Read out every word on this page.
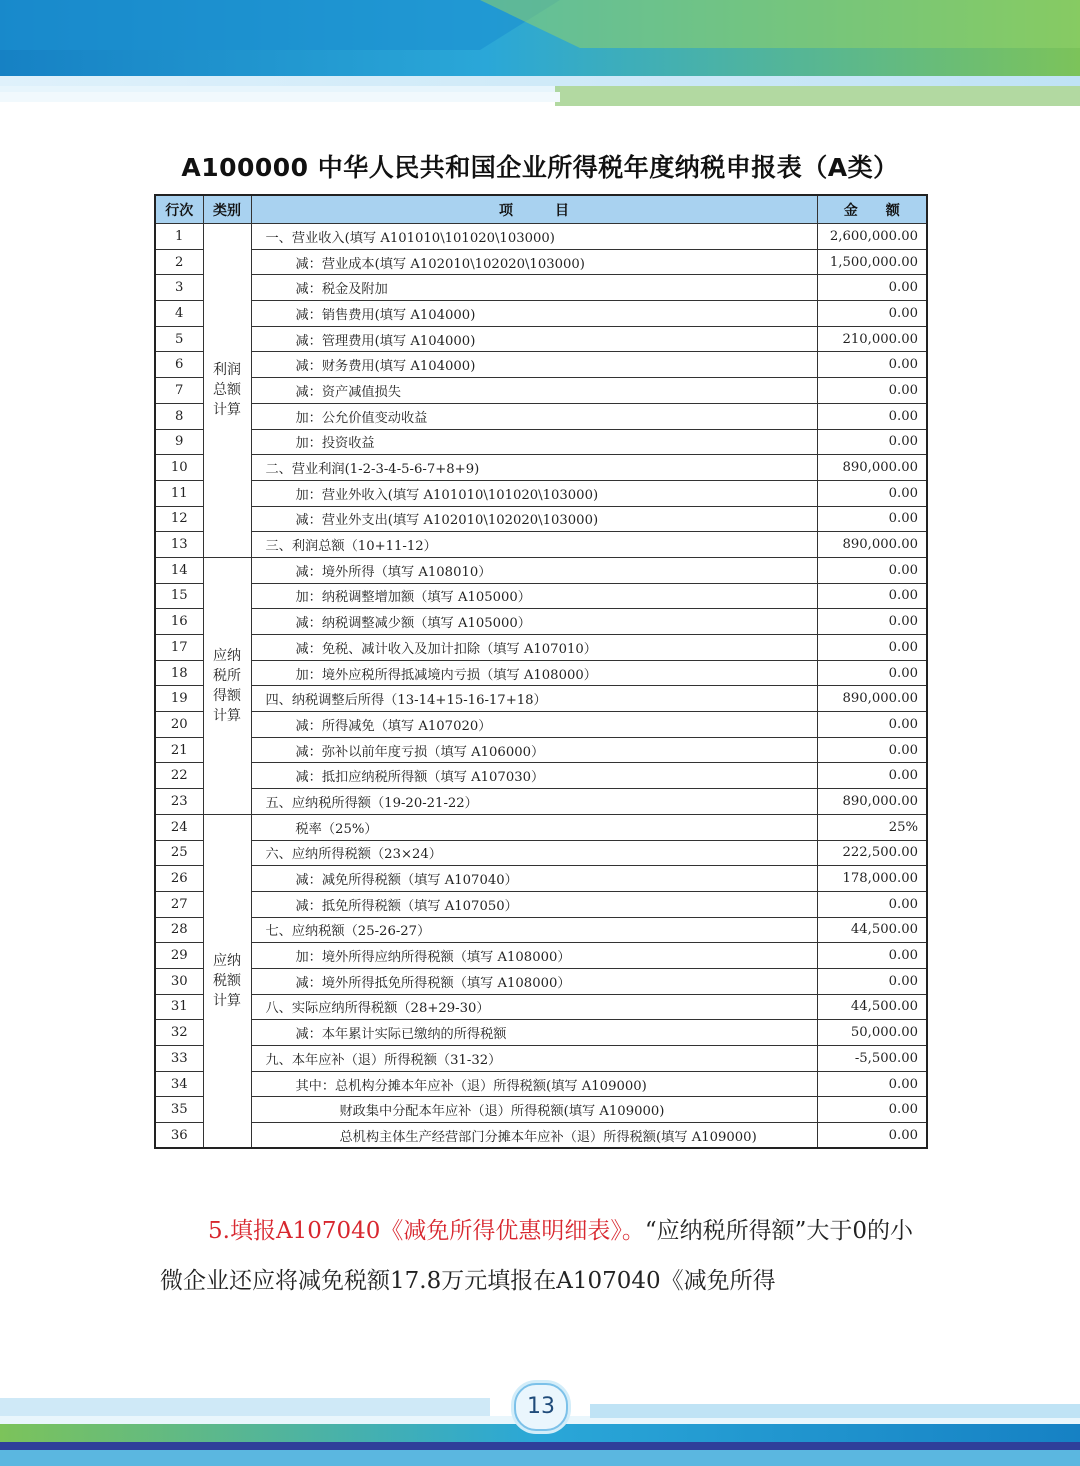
A100000 中华人民共和国企业所得税年度纳税申报表（A类）
行次	类别	项　　　目	金　　额
1	利润总额计算	一、营业收入(填写 A101010\101020\103000)	2,600,000.00
2		减：营业成本(填写 A102010\102020\103000)	1,500,000.00
3		减：税金及附加	0.00
4		减：销售费用(填写 A104000)	0.00
5		减：管理费用(填写 A104000)	210,000.00
6		减：财务费用(填写 A104000)	0.00
7		减：资产减值损失	0.00
8		加：公允价值变动收益	0.00
9		加：投资收益	0.00
10		二、营业利润(1-2-3-4-5-6-7+8+9)	890,000.00
11		加：营业外收入(填写 A101010\101020\103000)	0.00
12		减：营业外支出(填写 A102010\102020\103000)	0.00
13		三、利润总额（10+11-12）	890,000.00
14	应纳税所得额计算	减：境外所得（填写 A108010）	0.00
15		加：纳税调整增加额（填写 A105000）	0.00
16		减：纳税调整减少额（填写 A105000）	0.00
17		减：免税、减计收入及加计扣除（填写 A107010）	0.00
18		加：境外应税所得抵减境内亏损（填写 A108000）	0.00
19		四、纳税调整后所得（13-14+15-16-17+18）	890,000.00
20		减：所得减免（填写 A107020）	0.00
21		减：弥补以前年度亏损（填写 A106000）	0.00
22		减：抵扣应纳税所得额（填写 A107030）	0.00
23		五、应纳税所得额（19-20-21-22）	890,000.00
24	应纳税额计算	税率（25%）	25%
25		六、应纳所得税额（23×24）	222,500.00
26		减：减免所得税额（填写 A107040）	178,000.00
27		减：抵免所得税额（填写 A107050）	0.00
28		七、应纳税额（25-26-27）	44,500.00
29		加：境外所得应纳所得税额（填写 A108000）	0.00
30		减：境外所得抵免所得税额（填写 A108000）	0.00
31		八、实际应纳所得税额（28+29-30）	44,500.00
32		减：本年累计实际已缴纳的所得税额	50,000.00
33		九、本年应补（退）所得税额（31-32）	-5,500.00
34		其中：总机构分摊本年应补（退）所得税额(填写 A109000)	0.00
35		财政集中分配本年应补（退）所得税额(填写 A109000)	0.00
36		总机构主体生产经营部门分摊本年应补（退）所得税额(填写 A109000)	0.00
5.填报A107040《减免所得优惠明细表》。“应纳税所得额”大于0的小微企业还应将减免税额17.8万元填报在A107040《减免所得
13
